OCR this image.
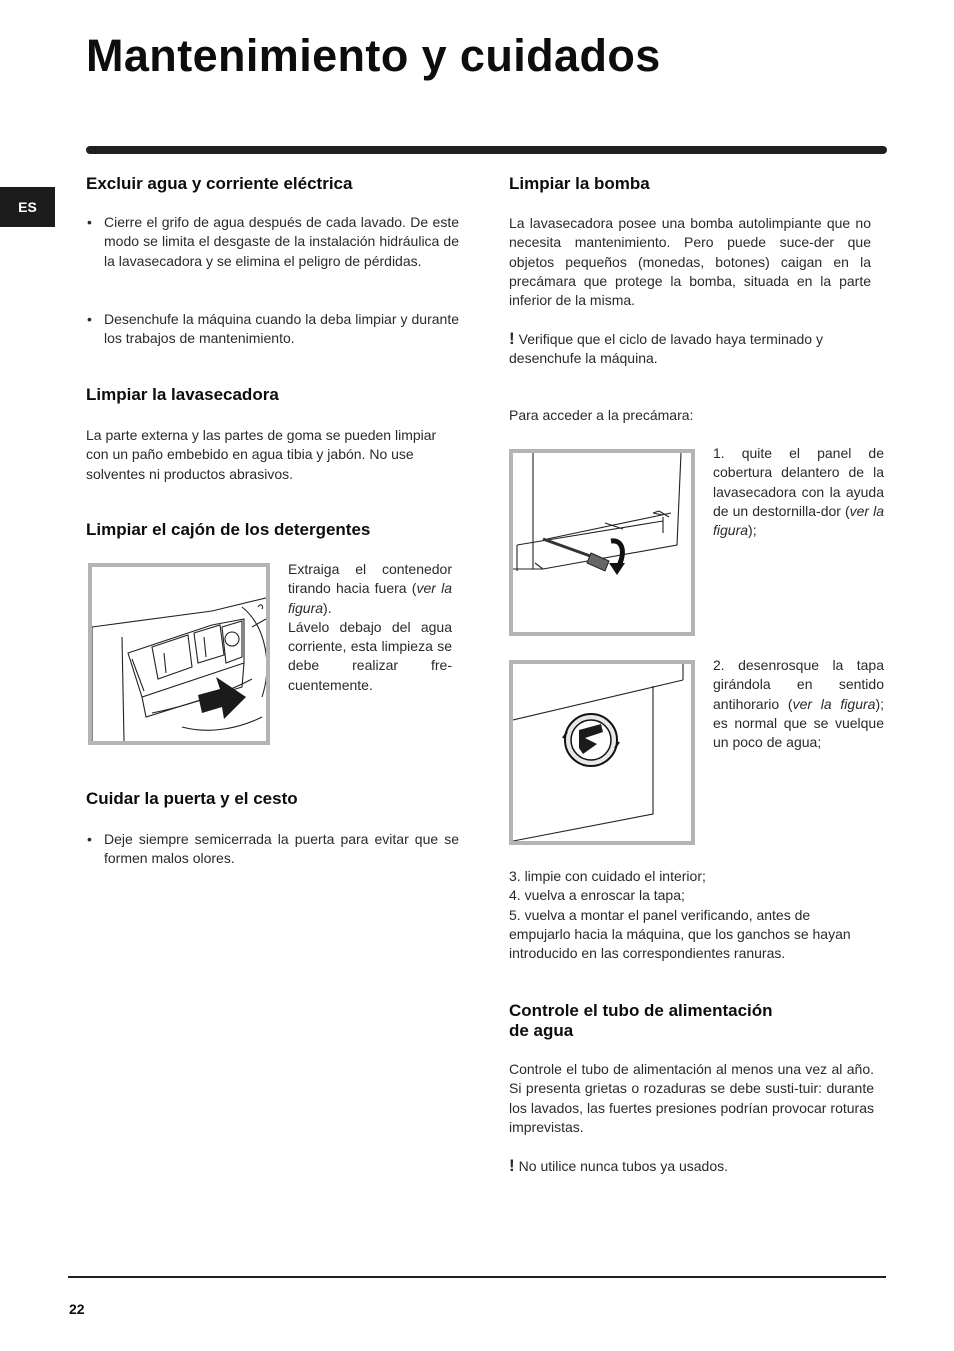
Mantenimiento y cuidados
ES
Excluir agua y corriente eléctrica
• Cierre el grifo de agua después de cada lavado. De este modo se limita el desgaste de la instalación hidráulica de la lavasecadora y se elimina el peligro de pérdidas.
• Desenchufe la máquina cuando la deba limpiar y durante los trabajos de mantenimiento.
Limpiar la lavasecadora

La parte externa y las partes de goma se pueden limpiar con un paño embebido en agua tibia y jabón. No use solventes ni productos abrasivos.

Limpiar el cajón de los detergentes

Extraiga el contenedor tirando hacia fuera (ver la figura).
Lávelo debajo del agua corriente, esta limpieza se debe realizar fre-cuentemente.

Cuidar la puerta y el cesto
• Deje siempre semicerrada la puerta para evitar que se formen malos olores.
Limpiar la bomba

La lavasecadora posee una bomba autolimpiante que no necesita mantenimiento. Pero puede suce-der que objetos pequeños (monedas, botones) caigan en la precámara que protege la bomba, situada en la parte inferior de la misma.

! Verifique que el ciclo de lavado haya terminado y desenchufe la máquina.

Para acceder a la precámara:

1. quite el panel de cobertura delantero de la lavasecadora con la ayuda de un destornilla-dor (ver la figura);

2. desenrosque la tapa girándola en sentido antihorario (ver la figura); es normal que se vuelque un poco de agua;

3. limpie con cuidado el interior;
4. vuelva a enroscar la tapa;
5. vuelva a montar el panel verificando, antes de empujarlo hacia la máquina, que los ganchos se hayan introducido en las correspondientes ranuras.
Controle el tubo de alimentación
de agua

Controle el tubo de alimentación al menos una vez al año. Si presenta grietas o rozaduras se debe susti-tuir: durante los lavados, las fuertes presiones podrían provocar roturas imprevistas.

! No utilice nunca tubos ya usados.

22
